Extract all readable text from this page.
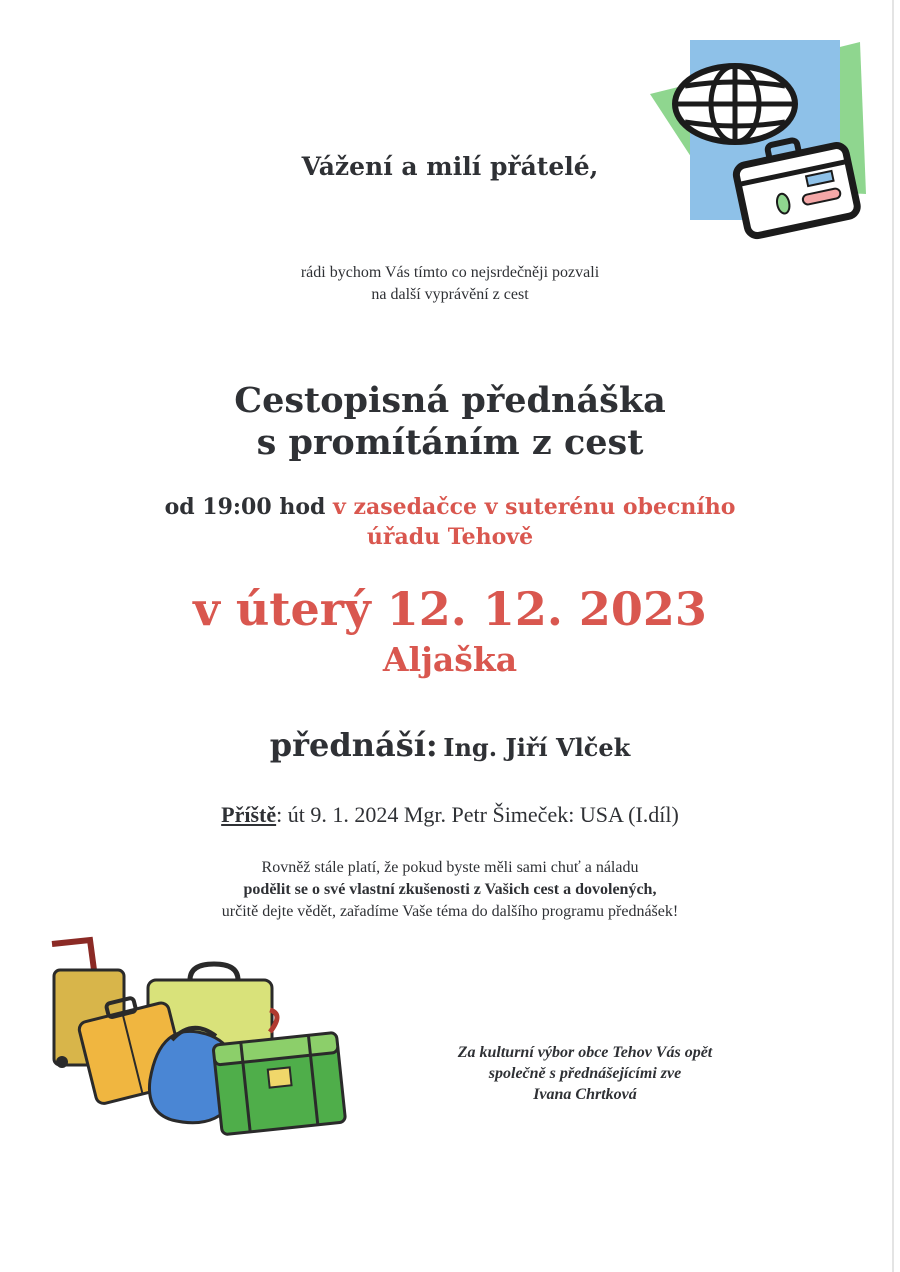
Vážení a milí přátelé,
rádi bychom Vás tímto co nejsrdečněji pozvali
na další vyprávění z cest
Cestopisná přednáška
s promítáním z cest
od 19:00 hod v zasedačce v suterénu obecního
úřadu Tehově
v úterý 12. 12. 2023
Aljaška
přednáší: Ing. Jiří Vlček
Příště: út 9. 1. 2024 Mgr. Petr Šimeček: USA (I.díl)
Rovněž stále platí, že pokud byste měli sami chuť a náladu
podělit se o své vlastní zkušenosti z Vašich cest a dovolených,
určitě dejte vědět, zařadíme Vaše téma do dalšího programu přednášek!
Za kulturní výbor obce Tehov Vás opět
společně s přednášejícími zve
Ivana Chrtková
